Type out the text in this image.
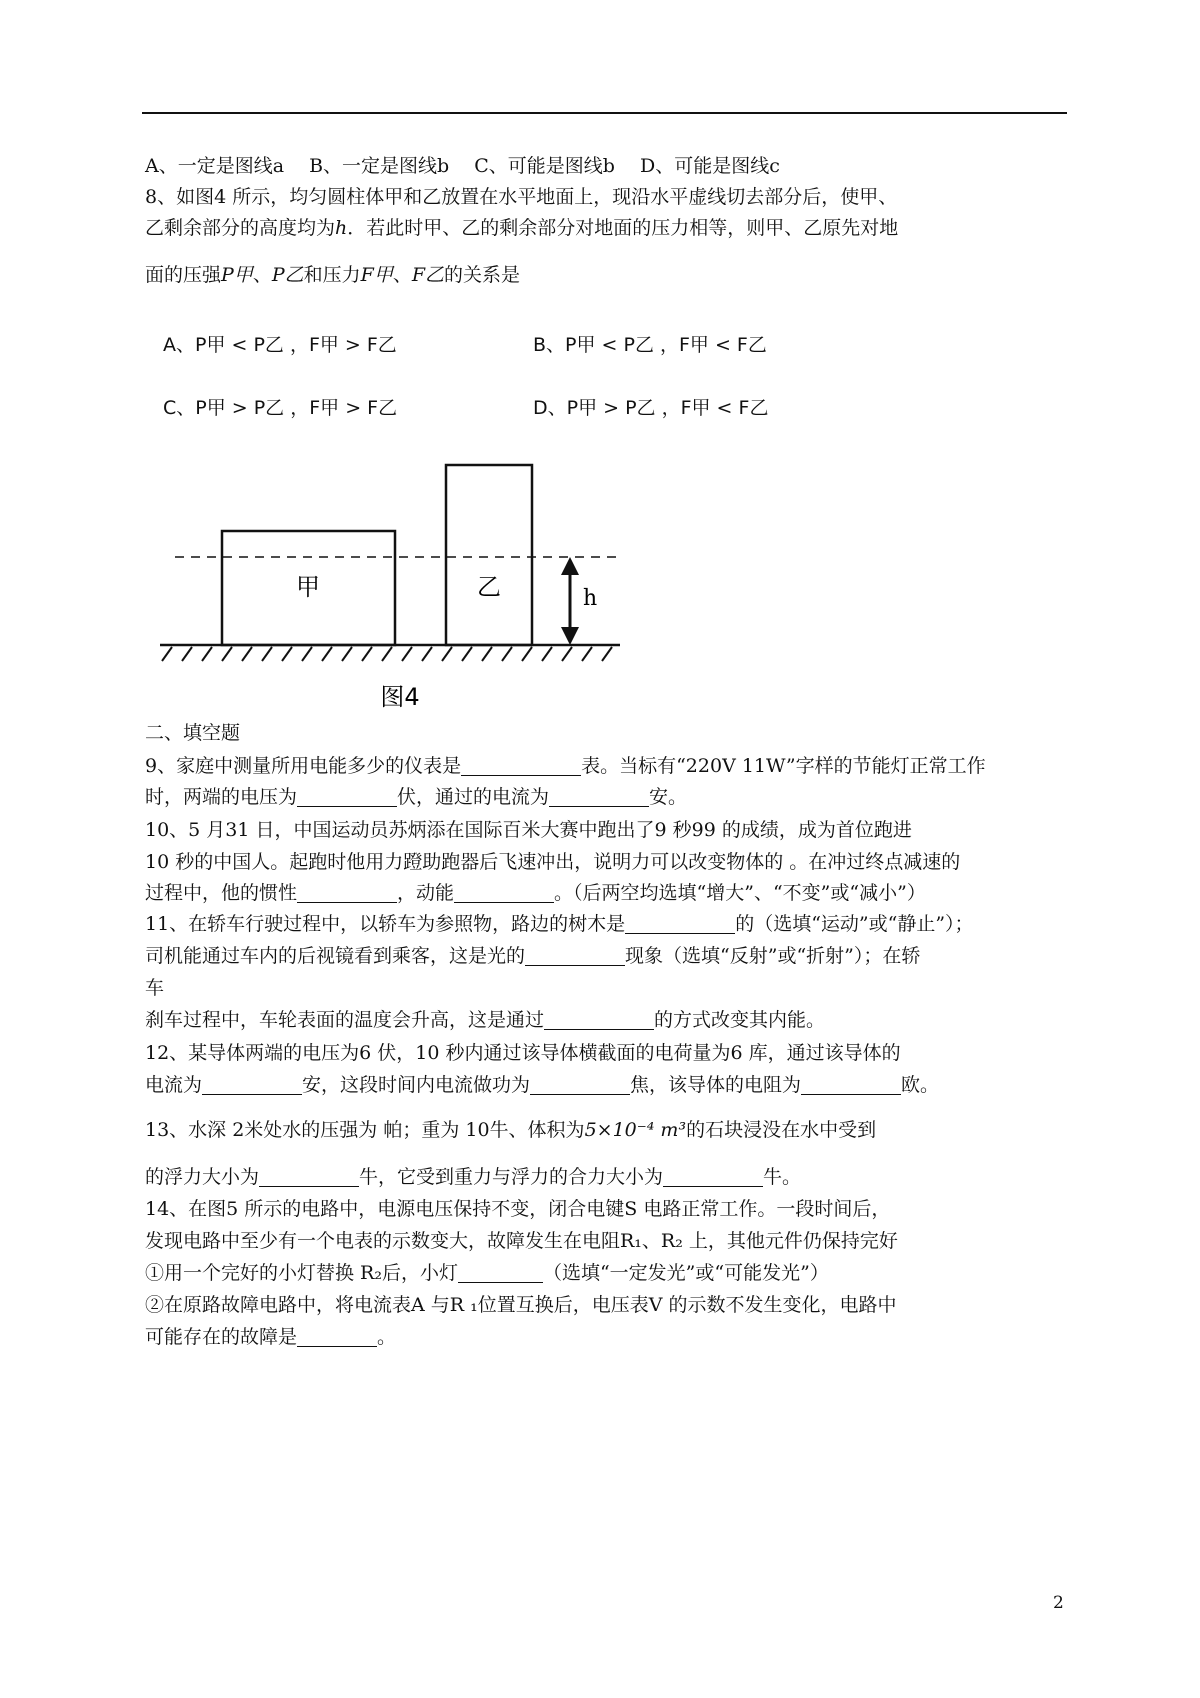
A、一定是图线a　 B、一定是图线b　 C、可能是图线b　 D、可能是图线c
8、如图4 所示，均匀圆柱体甲和乙放置在水平地面上，现沿水平虚线切去部分后，使甲、
乙剩余部分的高度均为h．若此时甲、乙的剩余部分对地面的压力相等，则甲、乙原先对地
面的压强P甲、P乙和压力F甲、F乙的关系是
A、P甲 < P乙 ，F甲 > F乙	B、P甲 < P乙 ，F甲 < F乙
C、P甲 > P乙 ，F甲 > F乙	D、P甲 > P乙 ，F甲 < F乙
甲	乙	h
图4
二、填空题
9、家庭中测量所用电能多少的仪表是	表。当标有“220V 11W”字样的节能灯正常工作
时，两端的电压为	伏，通过的电流为	安。
10、5 月31 日，中国运动员苏炳添在国际百米大赛中跑出了9 秒99 的成绩，成为首位跑进
10 秒的中国人。起跑时他用力蹬助跑器后飞速冲出，说明力可以改变物体的 。在冲过终点减速的
过程中，他的惯性	，动能	。（后两空均选填“增大”、“不变”或“减小”）
11、在轿车行驶过程中，以轿车为参照物，路边的树木是	的（选填“运动”或“静止”）；
司机能通过车内的后视镜看到乘客，这是光的	现象（选填“反射”或“折射”）；在轿
车
刹车过程中，车轮表面的温度会升高，这是通过	的方式改变其内能。
12、某导体两端的电压为6 伏，10 秒内通过该导体横截面的电荷量为6 库，通过该导体的
电流为	安，这段时间内电流做功为	焦，该导体的电阻为	欧。
13、水深 2米处水的压强为 帕；重为 10牛、体积为5×10⁻⁴ m³的石块浸没在水中受到
的浮力大小为	牛，它受到重力与浮力的合力大小为	牛。
14、在图5 所示的电路中，电源电压保持不变，闭合电键S 电路正常工作。一段时间后，
发现电路中至少有一个电表的示数变大，故障发生在电阻R₁、R₂ 上，其他元件仍保持完好
①用一个完好的小灯替换 R₂后，小灯	（选填“一定发光”或“可能发光”）
②在原路故障电路中，将电流表A 与R ₁位置互换后，电压表V 的示数不发生变化，电路中
可能存在的故障是	。
2
